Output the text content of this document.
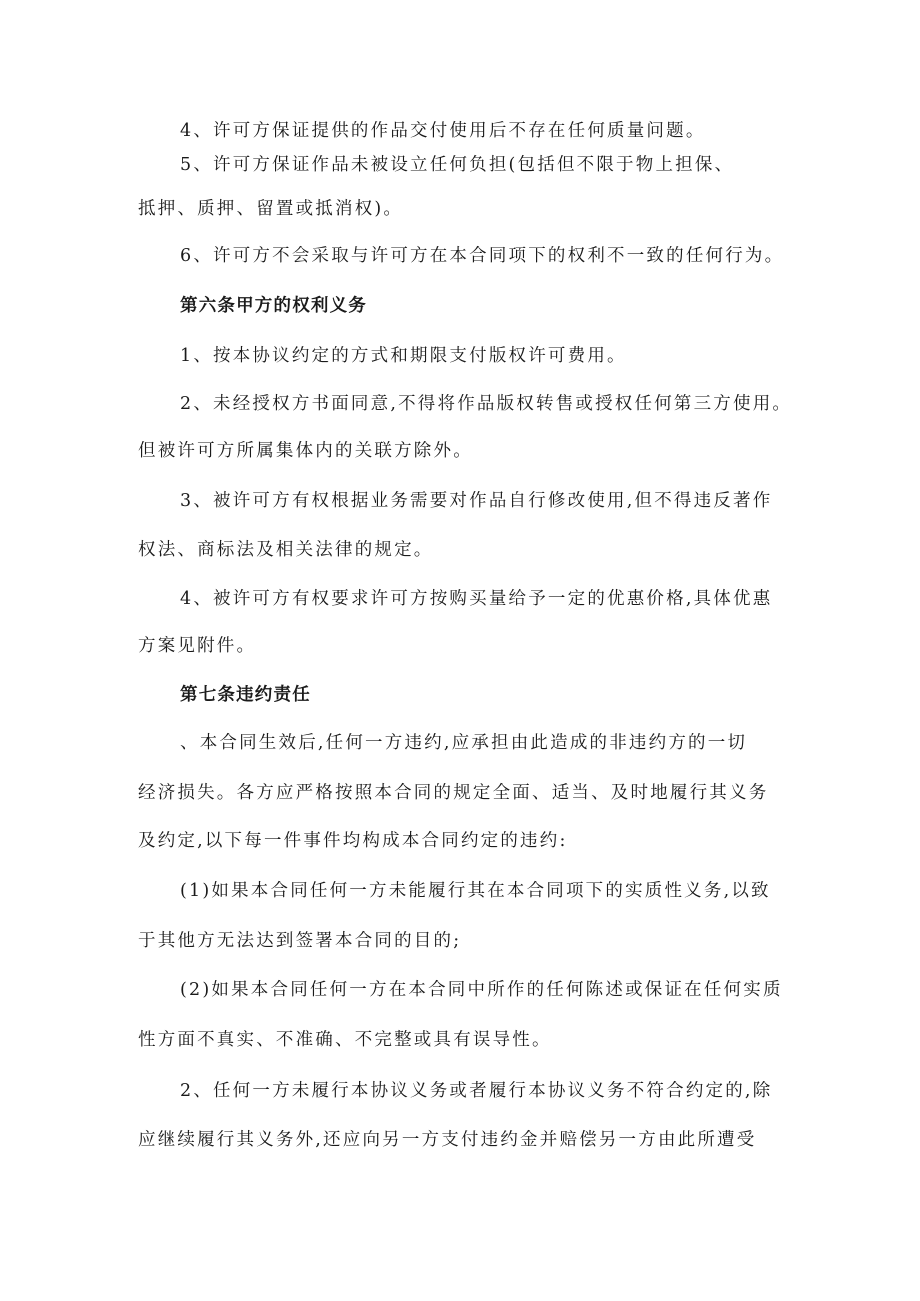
4、许可方保证提供的作品交付使用后不存在任何质量问题。
5、许可方保证作品未被设立任何负担(包括但不限于物上担保、
抵押、质押、留置或抵消权)。
6、许可方不会采取与许可方在本合同项下的权利不一致的任何行为。
第六条甲方的权利义务
1、按本协议约定的方式和期限支付版权许可费用。
2、未经授权方书面同意,不得将作品版权转售或授权任何第三方使用。
但被许可方所属集体内的关联方除外。
3、被许可方有权根据业务需要对作品自行修改使用,但不得违反著作
权法、商标法及相关法律的规定。
4、被许可方有权要求许可方按购买量给予一定的优惠价格,具体优惠
方案见附件。
第七条违约责任
、本合同生效后,任何一方违约,应承担由此造成的非违约方的一切
经济损失。各方应严格按照本合同的规定全面、适当、及时地履行其义务
及约定,以下每一件事件均构成本合同约定的违约:
(1)如果本合同任何一方未能履行其在本合同项下的实质性义务,以致
于其他方无法达到签署本合同的目的;
(2)如果本合同任何一方在本合同中所作的任何陈述或保证在任何实质
性方面不真实、不准确、不完整或具有误导性。
2、任何一方未履行本协议义务或者履行本协议义务不符合约定的,除
应继续履行其义务外,还应向另一方支付违约金并赔偿另一方由此所遭受
